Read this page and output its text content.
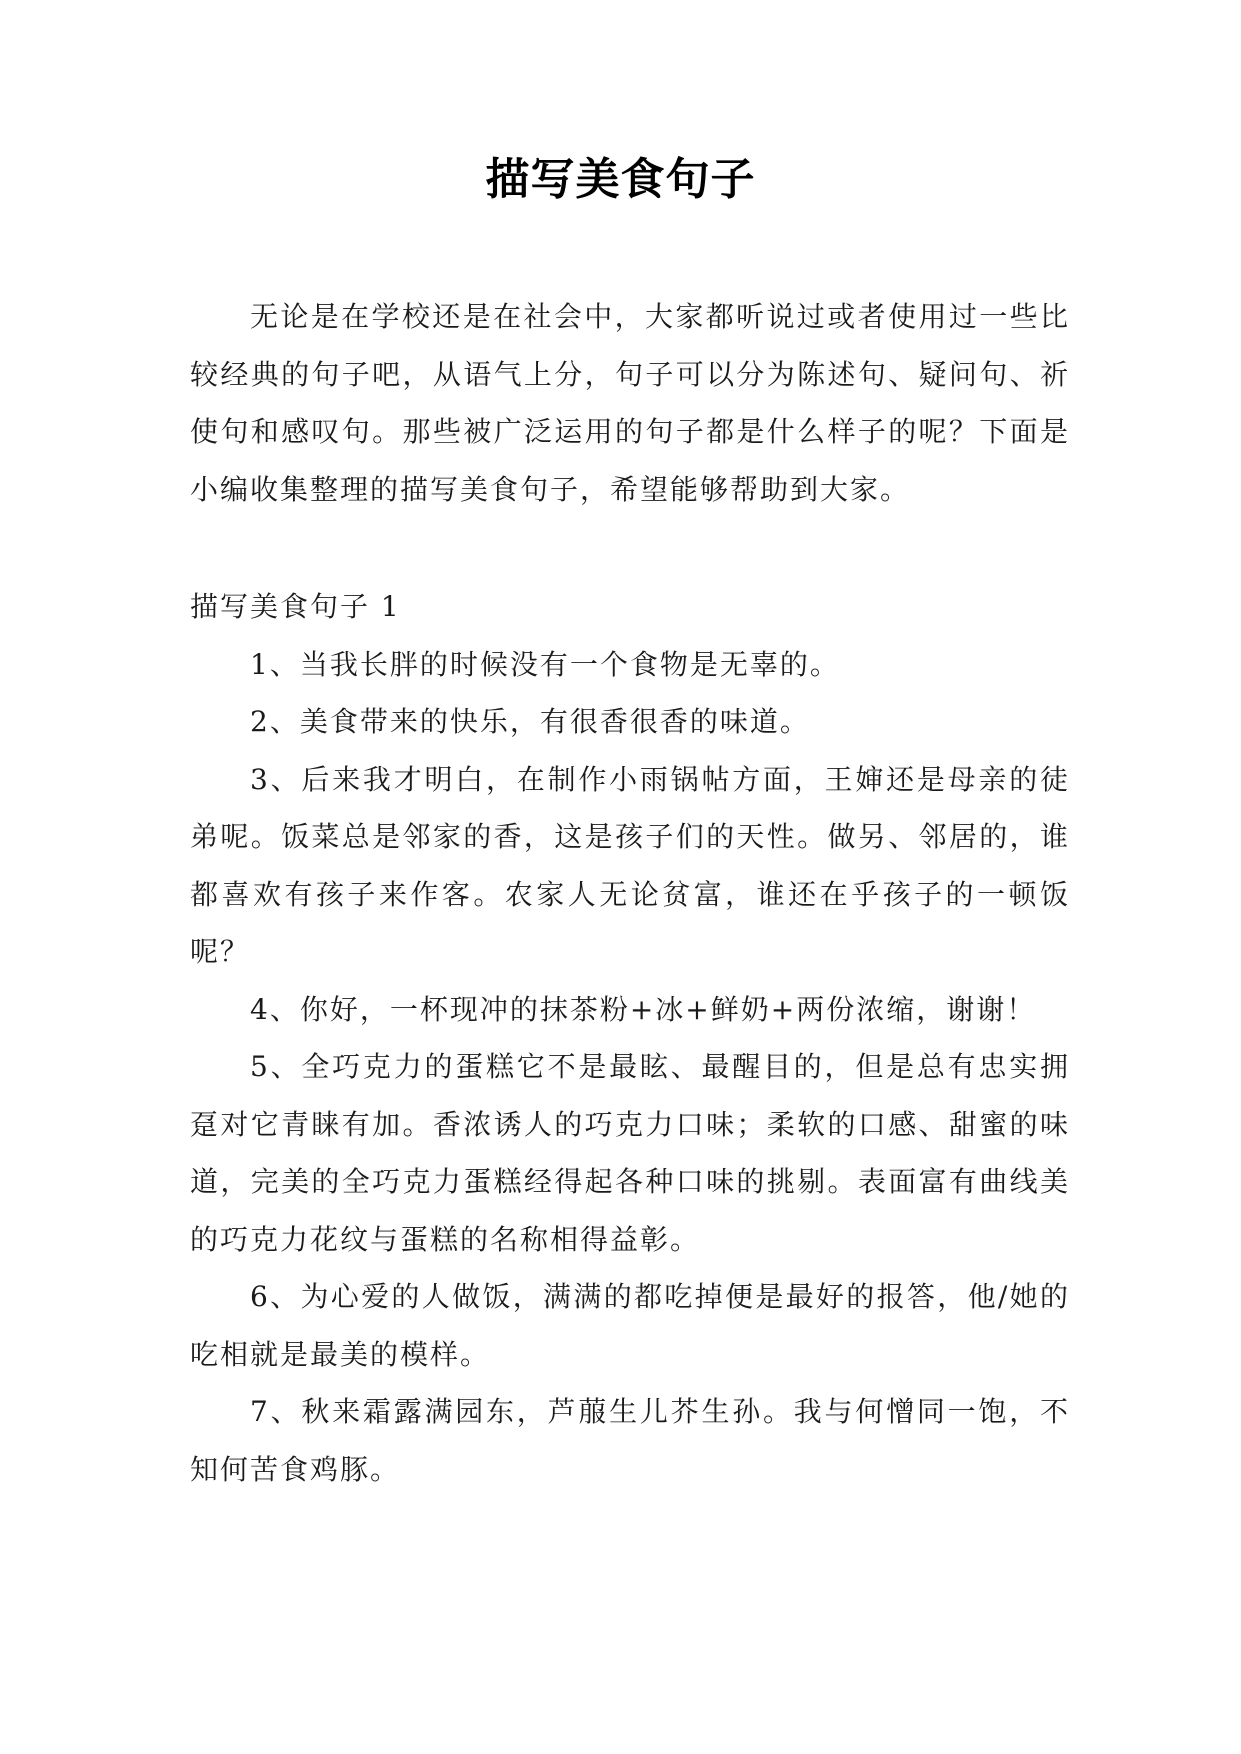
描写美食句子

无论是在学校还是在社会中，大家都听说过或者使用过一些比较经典的句子吧，从语气上分，句子可以分为陈述句、疑问句、祈使句和感叹句。那些被广泛运用的句子都是什么样子的呢？下面是小编收集整理的描写美食句子，希望能够帮助到大家。

描写美食句子 1

1、当我长胖的时候没有一个食物是无辜的。

2、美食带来的快乐，有很香很香的味道。

3、后来我才明白，在制作小雨锅帖方面，王婶还是母亲的徒弟呢。饭菜总是邻家的香，这是孩子们的天性。做另、邻居的，谁都喜欢有孩子来作客。农家人无论贫富，谁还在乎孩子的一顿饭呢？

4、你好，一杯现冲的抹茶粉+冰+鲜奶+两份浓缩，谢谢！

5、全巧克力的蛋糕它不是最眩、最醒目的，但是总有忠实拥趸对它青睐有加。香浓诱人的巧克力口味；柔软的口感、甜蜜的味道，完美的全巧克力蛋糕经得起各种口味的挑剔。表面富有曲线美的巧克力花纹与蛋糕的名称相得益彰。

6、为心爱的人做饭，满满的都吃掉便是最好的报答，他/她的吃相就是最美的模样。

7、秋来霜露满园东，芦菔生儿芥生孙。我与何憎同一饱，不知何苦食鸡豚。
